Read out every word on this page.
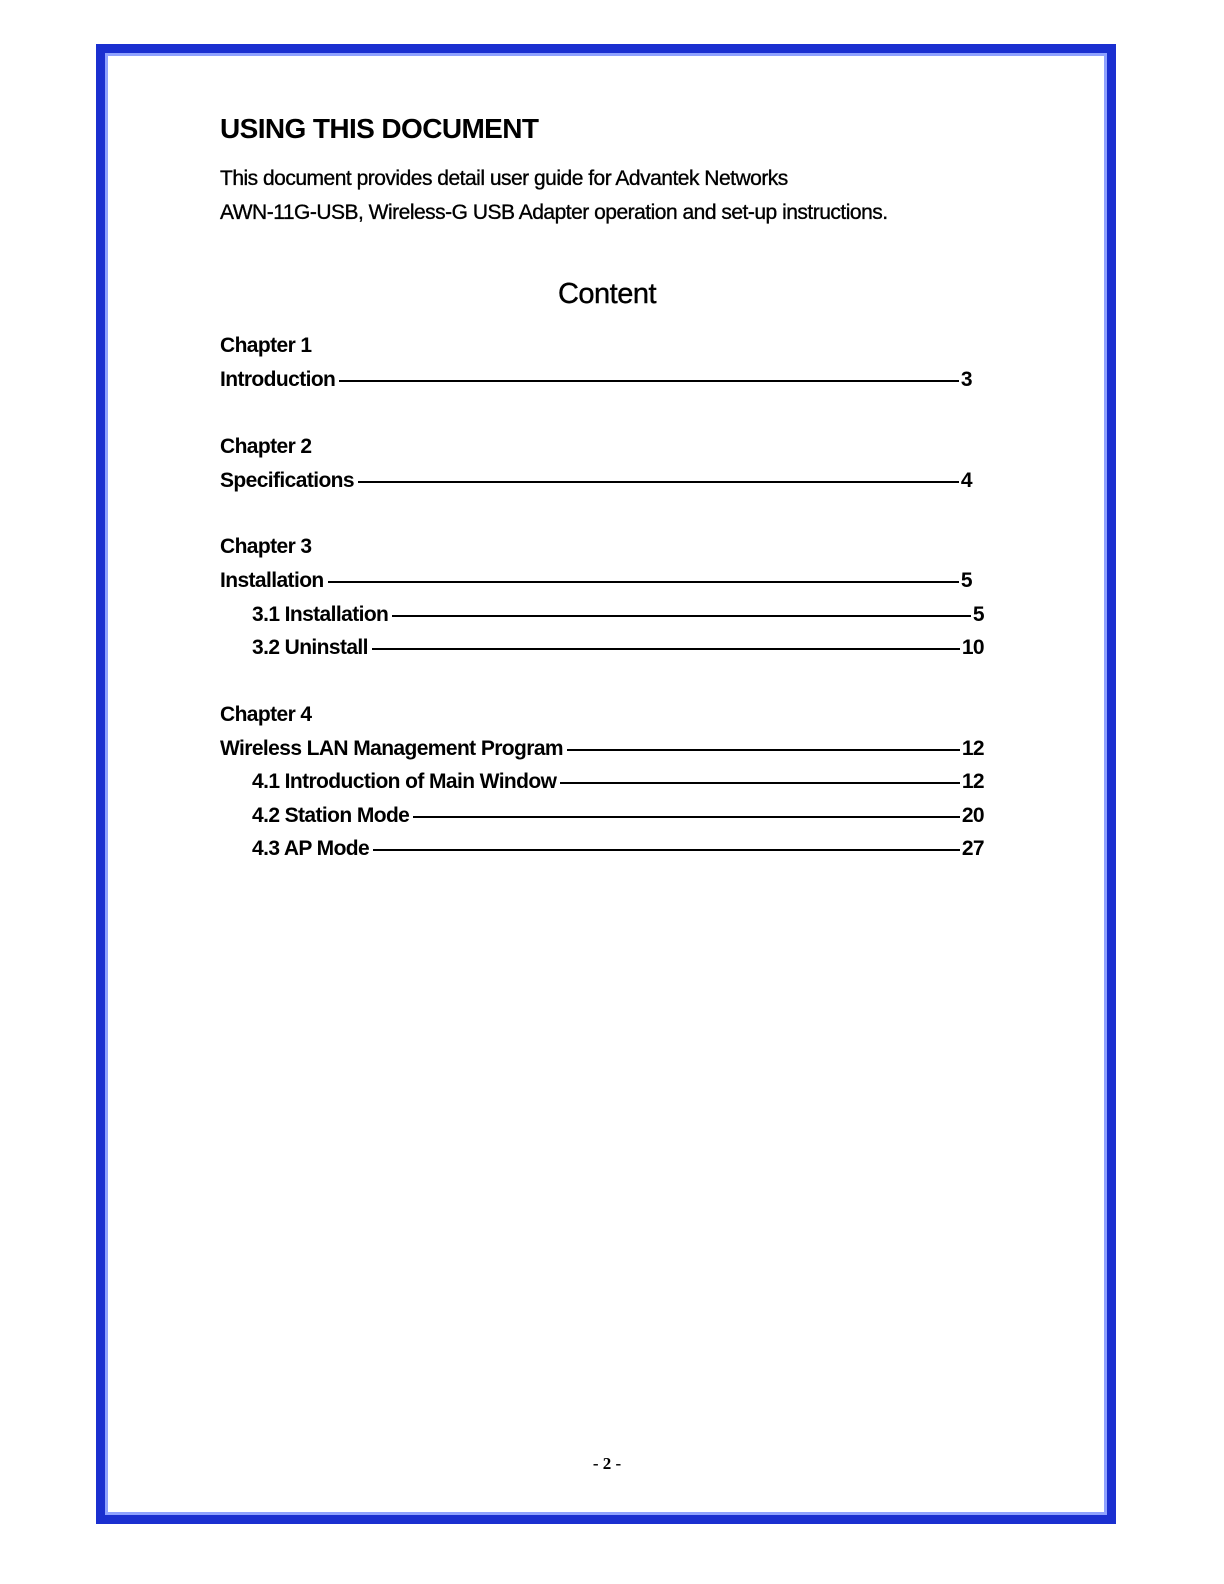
USING THIS DOCUMENT
This document provides detail user guide for Advantek Networks
AWN-11G-USB, Wireless-G USB Adapter operation and set-up instructions.
Content
Chapter 1
Introduction	3
Chapter 2
Specifications	4
Chapter 3
Installation	5
3.1 Installation	5
3.2 Uninstall	10
Chapter 4
Wireless LAN Management Program	12
4.1 Introduction of Main Window	12
4.2 Station Mode	20
4.3 AP Mode	27
- 2 -
